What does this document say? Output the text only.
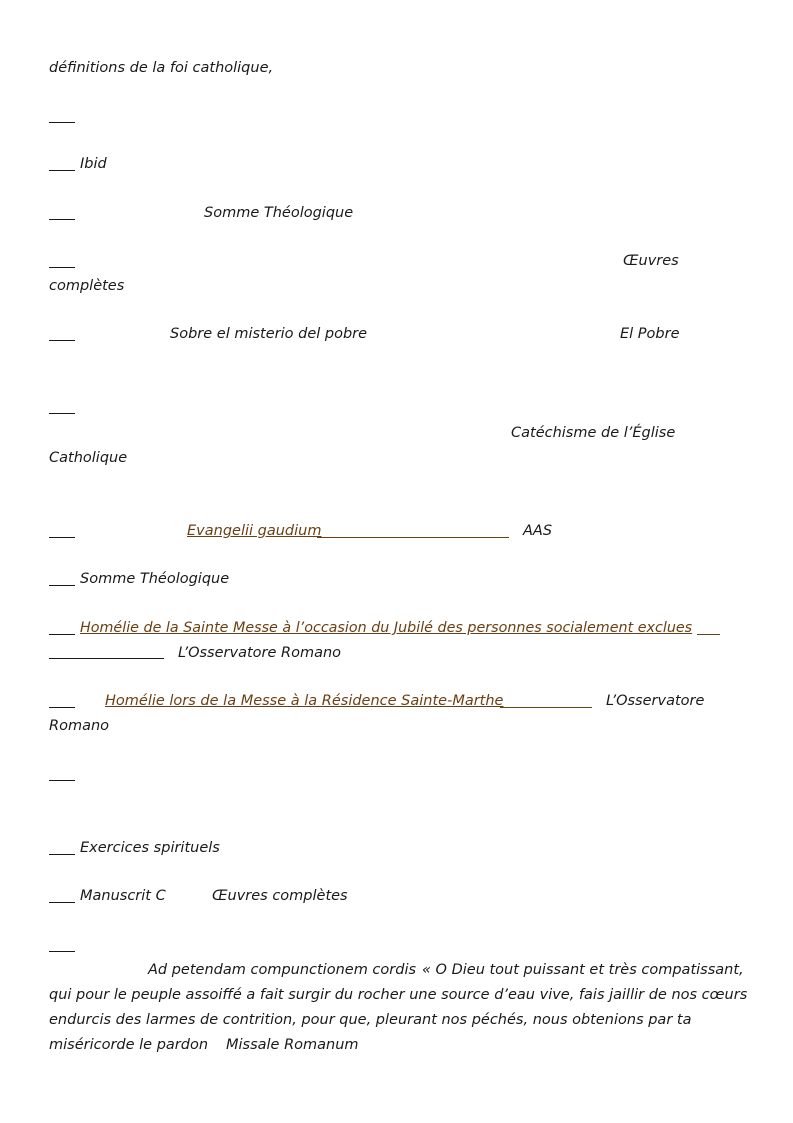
définitions de la foi catholique,
Ibid
Somme Théologique
Œuvres
complètes
Sobre el misterio del pobre	El Pobre
Catéchisme de l’Église
Catholique
Evangelii gaudium	AAS
Somme Théologique
Homélie de la Sainte Messe à l’occasion du Jubilé des personnes socialement exclues
L’Osservatore Romano
Homélie lors de la Messe à la Résidence Sainte-Marthe	L’Osservatore
Romano
Exercices spirituels
Manuscrit C	Œuvres complètes
Ad petendam compunctionem cordis « O Dieu tout puissant et très compatissant,
qui pour le peuple assoiffé a fait surgir du rocher une source d’eau vive, fais jaillir de nos cœurs
endurcis des larmes de contrition, pour que, pleurant nos péchés, nous obtenions par ta
miséricorde le pardon Missale Romanum
